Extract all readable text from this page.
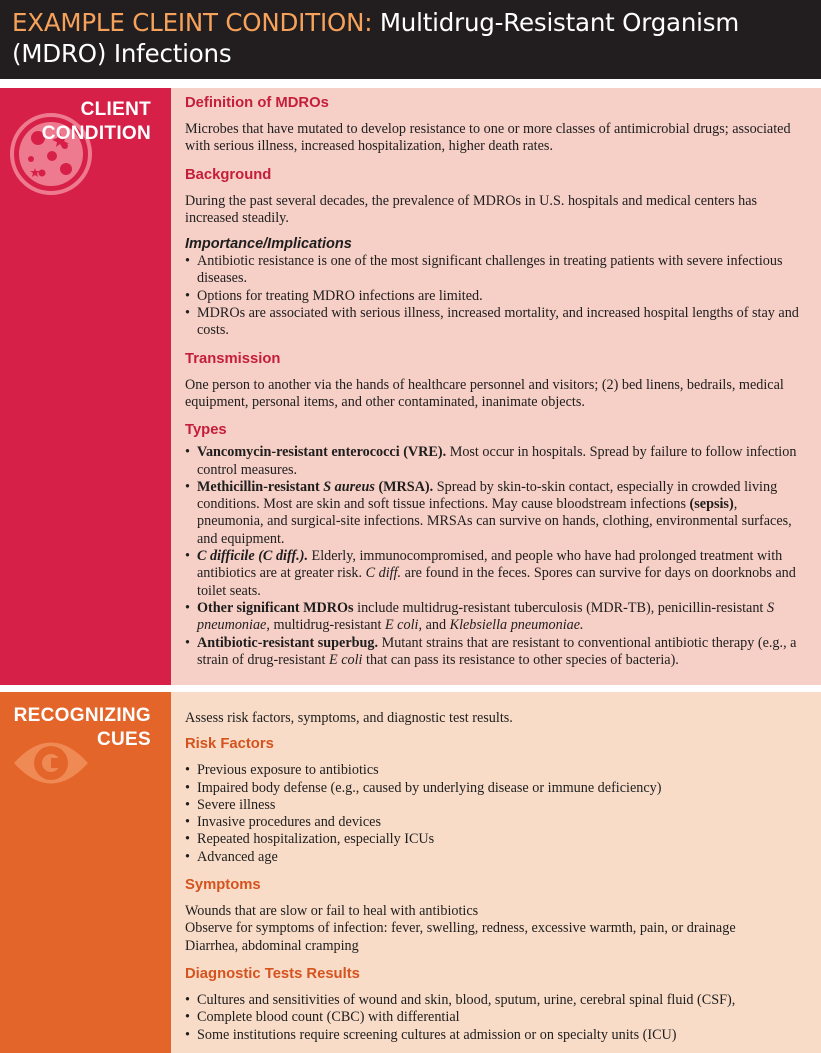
EXAMPLE CLEINT CONDITION: Multidrug-Resistant Organism (MDRO) Infections
CLIENT
CONDITION
Definition of MDROs

Microbes that have mutated to develop resistance to one or more classes of antimicrobial drugs; associated with serious illness, increased hospitalization, higher death rates.

Background

During the past several decades, the prevalence of MDROs in U.S. hospitals and medical centers has increased steadily.

Importance/Implications
• Antibiotic resistance is one of the most significant challenges in treating patients with severe infectious diseases.
• Options for treating MDRO infections are limited.
• MDROs are associated with serious illness, increased mortality, and increased hospital lengths of stay and costs.
Transmission

One person to another via the hands of healthcare personnel and visitors; (2) bed linens, bedrails, medical equipment, personal items, and other contaminated, inanimate objects.

Types
• Vancomycin-resistant enterococci (VRE). Most occur in hospitals. Spread by failure to follow infection control measures.
• Methicillin-resistant S aureus (MRSA). Spread by skin-to-skin contact, especially in crowded living conditions. Most are skin and soft tissue infections. May cause bloodstream infections (sepsis), pneumonia, and surgical-site infections. MRSAs can survive on hands, clothing, environmental surfaces, and equipment.
• C difficile (C diff.). Elderly, immunocompromised, and people who have had prolonged treatment with antibiotics are at greater risk. C diff. are found in the feces. Spores can survive for days on doorknobs and toilet seats.
• Other significant MDROs include multidrug-resistant tuberculosis (MDR-TB), penicillin-resistant S pneumoniae, multidrug-resistant E coli, and Klebsiella pneumoniae.
• Antibiotic-resistant superbug. Mutant strains that are resistant to conventional antibiotic therapy (e.g., a strain of drug-resistant E coli that can pass its resistance to other species of bacteria).
RECOGNIZING
CUES

Assess risk factors, symptoms, and diagnostic test results.

Risk Factors
• Previous exposure to antibiotics
• Impaired body defense (e.g., caused by underlying disease or immune deficiency)
• Severe illness
• Invasive procedures and devices
• Repeated hospitalization, especially ICUs
• Advanced age
Symptoms

Wounds that are slow or fail to heal with antibiotics

Observe for symptoms of infection: fever, swelling, redness, excessive warmth, pain, or drainage

Diarrhea, abdominal cramping

Diagnostic Tests Results
• Cultures and sensitivities of wound and skin, blood, sputum, urine, cerebral spinal fluid (CSF),
• Complete blood count (CBC) with differential
• Some institutions require screening cultures at admission or on specialty units (ICU)
